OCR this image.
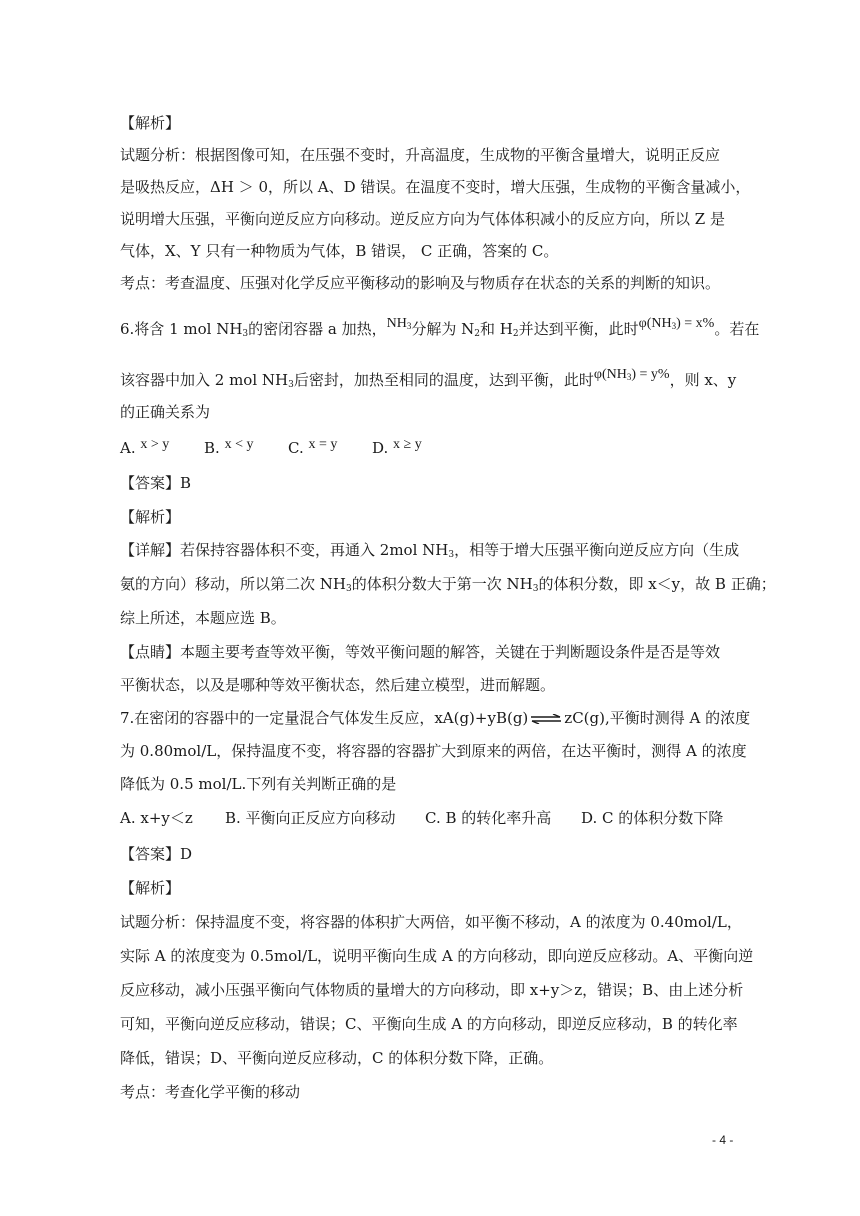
【解析】
试题分析：根据图像可知，在压强不变时，升高温度，生成物的平衡含量增大，说明正反应
是吸热反应，ΔH ＞ 0，所以 A、D 错误。在温度不变时，增大压强，生成物的平衡含量减小，
说明增大压强，平衡向逆反应方向移动。逆反应方向为气体体积减小的反应方向，所以 Z 是
气体，X、Y 只有一种物质为气体，B 错误， C 正确，答案的 C。
考点：考查温度、压强对化学反应平衡移动的影响及与物质存在状态的关系的判断的知识。
6.将含 1 mol $NH_3$的密闭容器 a 加热，$NH_3$分解为 $N_2$和 $H_2$并达到平衡，此时$\varphi(NH_3) = x\%$。若在
该容器中加入 2 mol $NH_3$后密封，加热至相同的温度，达到平衡，此时$\varphi(NH_3) = y\%$，则 x、y
的正确关系为
A. x > y B. x < y C. x = y D. x ≥ y
【答案】B
【解析】
【详解】若保持容器体积不变，再通入 2mol $NH_3$，相等于增大压强平衡向逆反应方向（生成
氨的方向）移动，所以第二次 $NH_3$的体积分数大于第一次 $NH_3$的体积分数，即 x＜y，故 B 正确；
综上所述，本题应选 B。
【点睛】本题主要考查等效平衡，等效平衡问题的解答，关键在于判断题设条件是否是等效
平衡状态，以及是哪种等效平衡状态，然后建立模型，进而解题。
7.在密闭的容器中的一定量混合气体发生反应，xA(g)+yB(g) ⇌ zC(g),平衡时测得 A 的浓度
为 0.80mol/L，保持温度不变，将容器的容器扩大到原来的两倍，在达平衡时，测得 A 的浓度
降低为 0.5 mol/L.下列有关判断正确的是
A. x+y＜z B. 平衡向正反应方向移动 C. B 的转化率升高 D. C 的体积分数下降
【答案】D
【解析】
试题分析：保持温度不变，将容器的体积扩大两倍，如平衡不移动，A 的浓度为 0.40mol/L，
实际 A 的浓度变为 0.5mol/L，说明平衡向生成 A 的方向移动，即向逆反应移动。A、平衡向逆
反应移动，减小压强平衡向气体物质的量增大的方向移动，即 x+y＞z，错误；B、由上述分析
可知，平衡向逆反应移动，错误；C、平衡向生成 A 的方向移动，即逆反应移动，B 的转化率
降低，错误；D、平衡向逆反应移动，C 的体积分数下降，正确。
考点：考查化学平衡的移动
- 4 -
